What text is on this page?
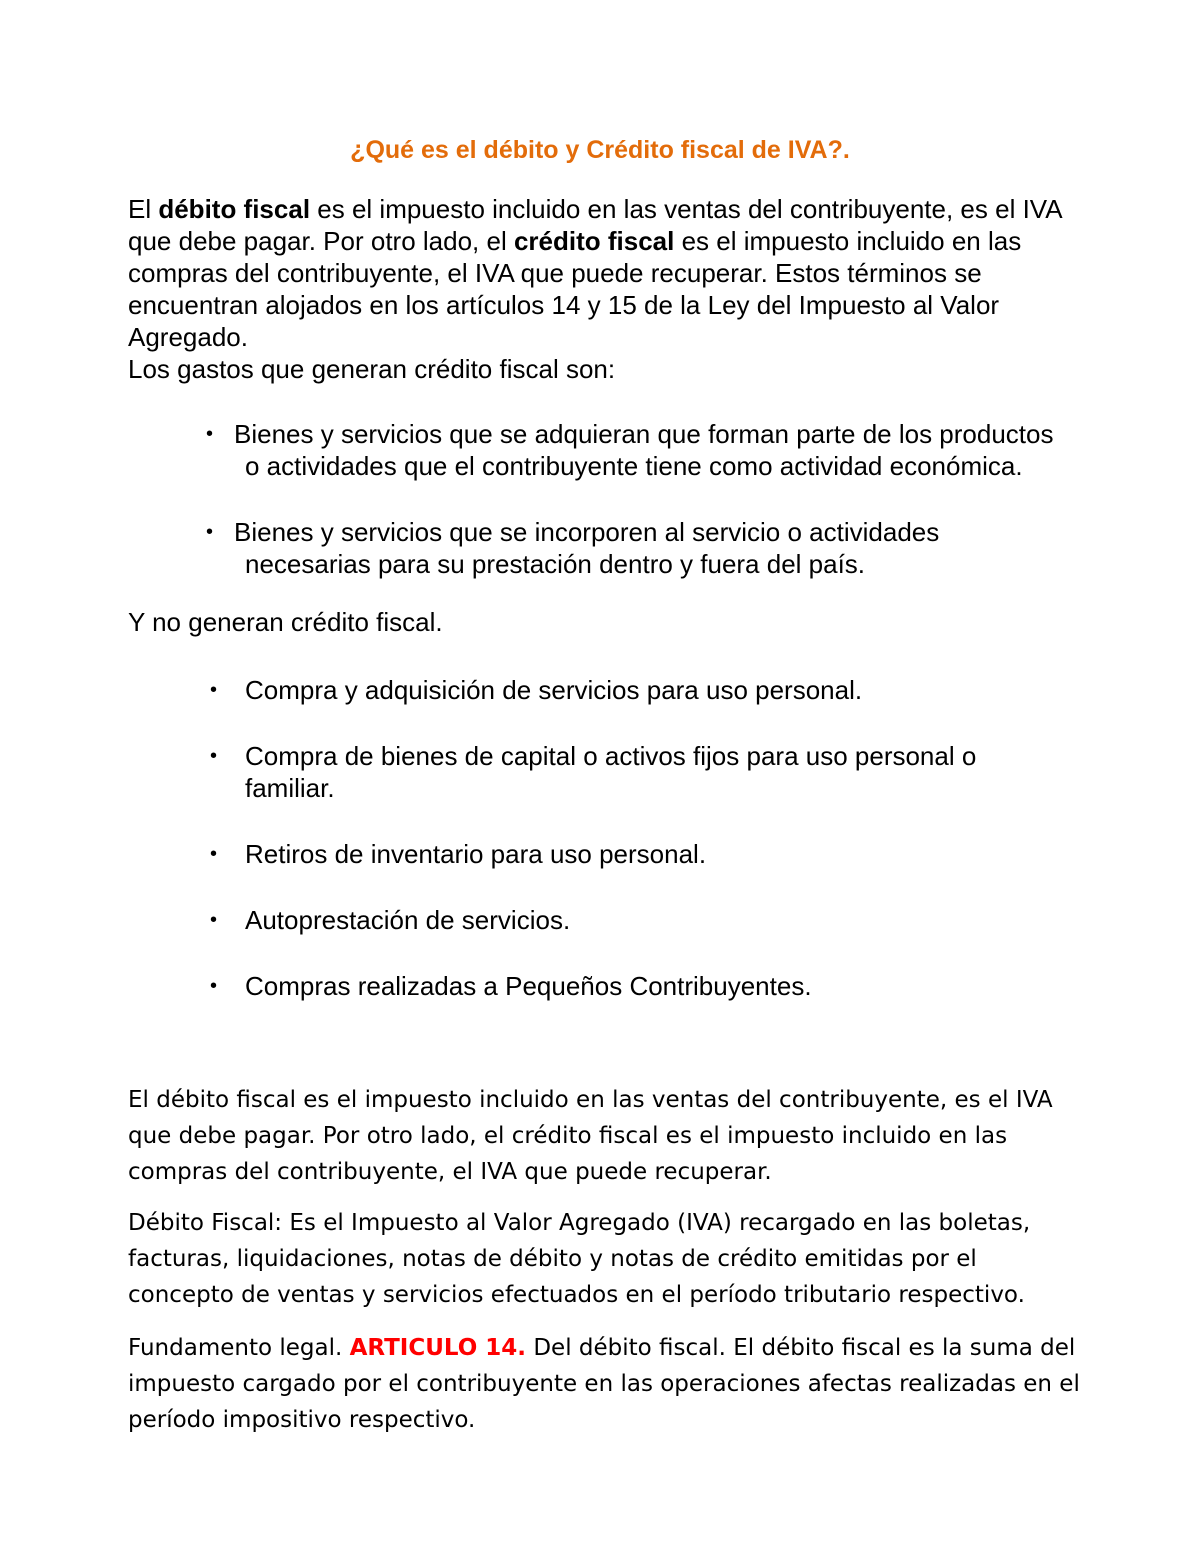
¿Qué es el débito y Crédito fiscal de IVA?.
El débito fiscal es el impuesto incluido en las ventas del contribuyente, es el IVA que debe pagar. Por otro lado, el crédito fiscal es el impuesto incluido en las compras del contribuyente, el IVA que puede recuperar. Estos términos se encuentran alojados en los artículos 14 y 15 de la Ley del Impuesto al Valor Agregado.
Los gastos que generan crédito fiscal son:
• Bienes y servicios que se adquieran que forman parte de los productos
o actividades que el contribuyente tiene como actividad económica.
• Bienes y servicios que se incorporen al servicio o actividades
necesarias para su prestación dentro y fuera del país.
Y no generan crédito fiscal.
• Compra y adquisición de servicios para uso personal.
• Compra de bienes de capital o activos fijos para uso personal o
familiar.
• Retiros de inventario para uso personal.
• Autoprestación de servicios.
• Compras realizadas a Pequeños Contribuyentes.
El débito fiscal es el impuesto incluido en las ventas del contribuyente, es el IVA que debe pagar. Por otro lado, el crédito fiscal es el impuesto incluido en las compras del contribuyente, el IVA que puede recuperar.
Débito Fiscal: Es el Impuesto al Valor Agregado (IVA) recargado en las boletas, facturas, liquidaciones, notas de débito y notas de crédito emitidas por el concepto de ventas y servicios efectuados en el período tributario respectivo.
Fundamento legal. ARTICULO 14. Del débito fiscal. El débito fiscal es la suma del impuesto cargado por el contribuyente en las operaciones afectas realizadas en el período impositivo respectivo.
